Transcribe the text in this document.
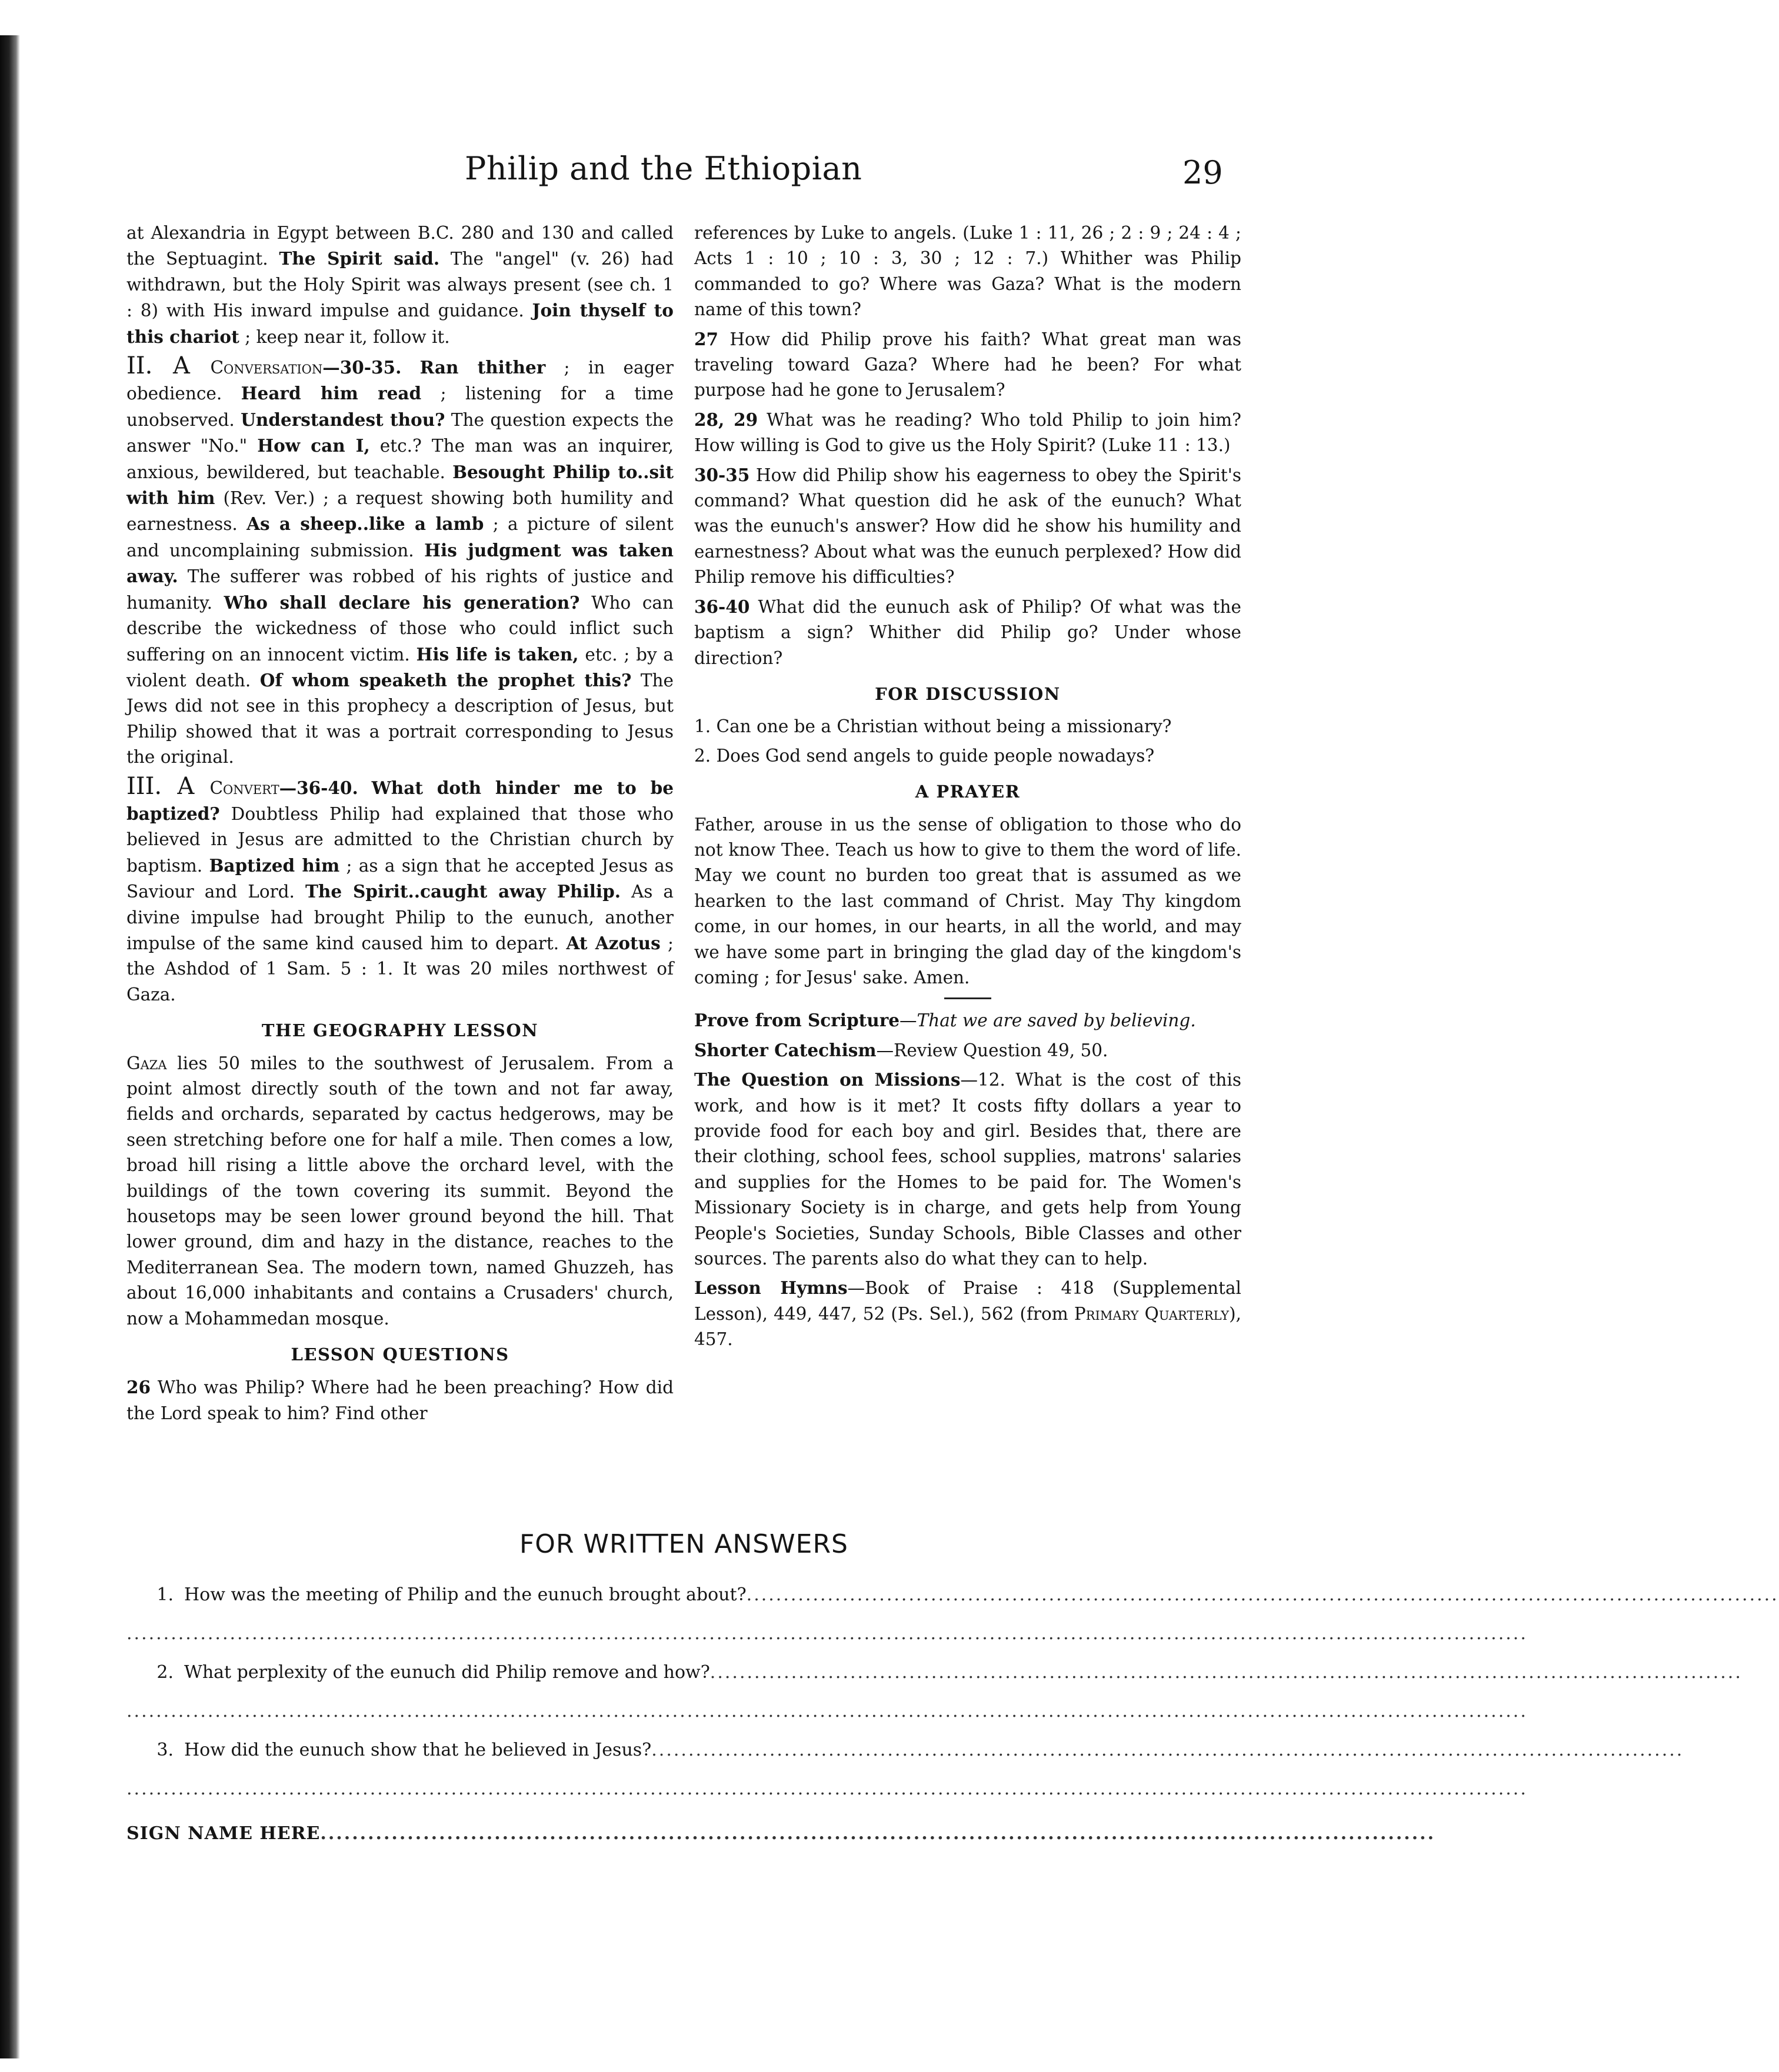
Philip and the Ethiopian	29

at Alexandria in Egypt between B.C. 280 and 130 and called the Septuagint. The Spirit said. The "angel" (v. 26) had withdrawn, but the Holy Spirit was always present (see ch. 1 : 8) with His inward impulse and guidance. Join thyself to this chariot ; keep near it, follow it.

II. A Conversation—30-35. Ran thither ; in eager obedience. Heard him read ; listening for a time unobserved. Understandest thou? The question expects the answer "No." How can I, etc.? The man was an inquirer, anxious, bewildered, but teachable. Besought Philip to..sit with him (Rev. Ver.) ; a request showing both humility and earnestness. As a sheep..like a lamb ; a picture of silent and uncomplaining submission. His judgment was taken away. The sufferer was robbed of his rights of justice and humanity. Who shall declare his generation? Who can describe the wickedness of those who could inflict such suffering on an innocent victim. His life is taken, etc. ; by a violent death. Of whom speaketh the prophet this? The Jews did not see in this prophecy a description of Jesus, but Philip showed that it was a portrait corresponding to Jesus the original.

III. A Convert—36-40. What doth hinder me to be baptized? Doubtless Philip had explained that those who believed in Jesus are admitted to the Christian church by baptism. Baptized him ; as a sign that he accepted Jesus as Saviour and Lord. The Spirit..caught away Philip. As a divine impulse had brought Philip to the eunuch, another impulse of the same kind caused him to depart. At Azotus ; the Ashdod of 1 Sam. 5 : 1. It was 20 miles northwest of Gaza.

THE GEOGRAPHY LESSON

Gaza lies 50 miles to the southwest of Jerusalem. From a point almost directly south of the town and not far away, fields and orchards, separated by cactus hedgerows, may be seen stretching before one for half a mile. Then comes a low, broad hill rising a little above the orchard level, with the buildings of the town covering its summit. Beyond the housetops may be seen lower ground beyond the hill. That lower ground, dim and hazy in the distance, reaches to the Mediterranean Sea. The modern town, named Ghuzzeh, has about 16,000 inhabitants and contains a Crusaders' church, now a Mohammedan mosque.

LESSON QUESTIONS

26 Who was Philip? Where had he been preaching? How did the Lord speak to him? Find other

references by Luke to angels. (Luke 1 : 11, 26 ; 2 : 9 ; 24 : 4 ; Acts 1 : 10 ; 10 : 3, 30 ; 12 : 7.) Whither was Philip commanded to go? Where was Gaza? What is the modern name of this town?

27 How did Philip prove his faith? What great man was traveling toward Gaza? Where had he been? For what purpose had he gone to Jerusalem?

28, 29 What was he reading? Who told Philip to join him? How willing is God to give us the Holy Spirit? (Luke 11 : 13.)

30-35 How did Philip show his eagerness to obey the Spirit's command? What question did he ask of the eunuch? What was the eunuch's answer? How did he show his humility and earnestness? About what was the eunuch perplexed? How did Philip remove his difficulties?

36-40 What did the eunuch ask of Philip? Of what was the baptism a sign? Whither did Philip go? Under whose direction?

FOR DISCUSSION

1. Can one be a Christian without being a missionary?

2. Does God send angels to guide people nowadays?

A PRAYER

Father, arouse in us the sense of obligation to those who do not know Thee. Teach us how to give to them the word of life. May we count no burden too great that is assumed as we hearken to the last command of Christ. May Thy kingdom come, in our homes, in our hearts, in all the world, and may we have some part in bringing the glad day of the kingdom's coming ; for Jesus' sake. Amen.

Prove from Scripture—That we are saved by believing.

Shorter Catechism—Review Question 49, 50.

The Question on Missions—12. What is the cost of this work, and how is it met? It costs fifty dollars a year to provide food for each boy and girl. Besides that, there are their clothing, school fees, school supplies, matrons' salaries and supplies for the Homes to be paid for. The Women's Missionary Society is in charge, and gets help from Young People's Societies, Sunday Schools, Bible Classes and other sources. The parents also do what they can to help.

Lesson Hymns—Book of Praise : 418 (Supplemental Lesson), 449, 447, 52 (Ps. Sel.), 562 (from Primary Quarterly), 457.

FOR WRITTEN ANSWERS
1. How was the meeting of Philip and the eunuch brought about?............................................................................................................................................
..............................................................................................................................................................................................
2. What perplexity of the eunuch did Philip remove and how?............................................................................................................................................
..............................................................................................................................................................................................
3. How did the eunuch show that he believed in Jesus?............................................................................................................................................
..............................................................................................................................................................................................
SIGN NAME HERE.............................................................................................................................................
